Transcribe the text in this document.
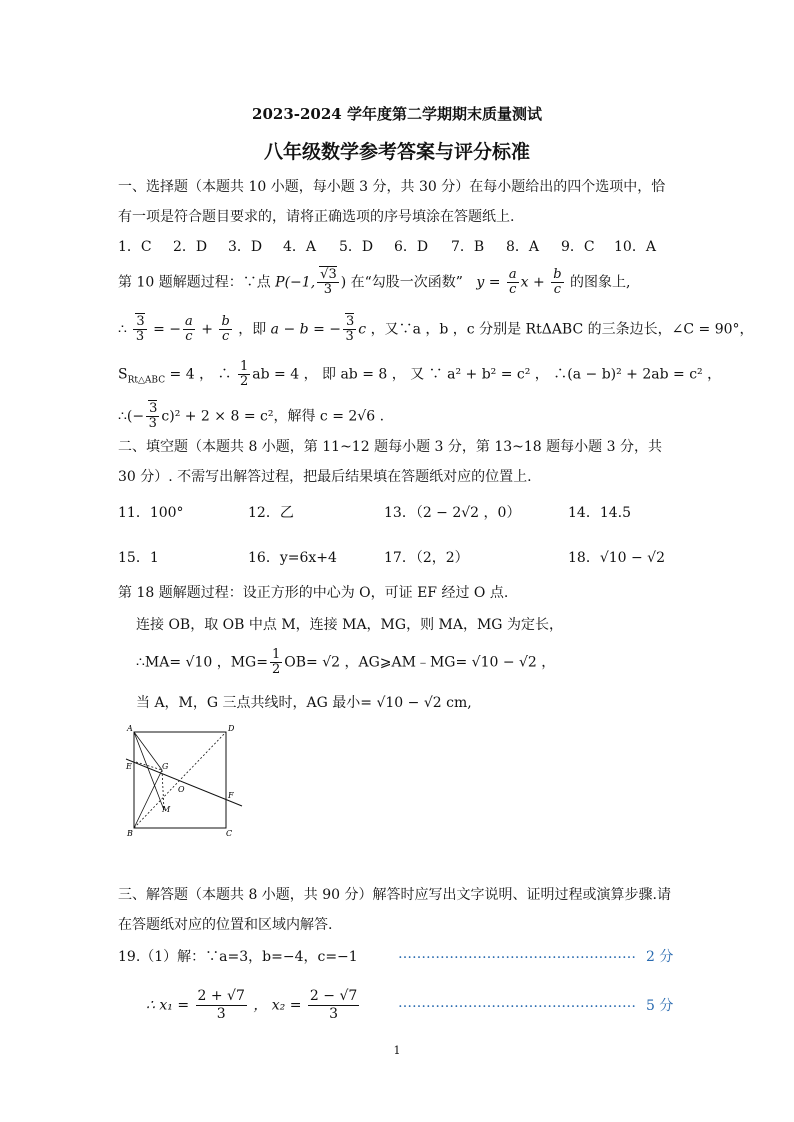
2023-2024 学年度第二学期期末质量测试
八年级数学参考答案与评分标准
一、选择题（本题共 10 小题，每小题 3 分，共 30 分）在每小题给出的四个选项中，恰有一项是符合题目要求的，请将正确选项的序号填涂在答题纸上.
1．C 2．D 3．D 4．A 5．D 6．D 7．B 8．A 9．C 10．A
第 10 题解题过程：∵点 P(−1, $\frac{√3}{3}$ ) 在“勾股一次函数” $y = \frac{a}{c}$ $x + \frac{b}{c}$ 的图象上,
∴ $\frac{3}{3}$ = − $\frac{a}{c} + \frac{b}{c}$ ，即 a − b = − $\frac{3}{3}$ c ，又∵a ，b ，c 分别是 RtΔABC 的三条边长，∠C = 90°，
$S_{Rt\triangle ABC} = 4$ ， ∴ $\frac{1}{2}$ ab = 4 ， 即 ab = 8 ， 又 ∵ a² + b² = c² ， ∴(a − b)² + 2ab = c² ，
∴(− $\frac{3}{3} c)^2 + 2 \times 8 = c^2$，解得 c = 2√6 .
二、填空题（本题共 8 小题，第 11~12 题每小题 3 分，第 13~18 题每小题 3 分，共 30 分）. 不需写出解答过程，把最后结果填在答题纸对应的位置上.
11．100°	12．乙	13．（2 − 2√2 ，0）	14．14.5
15．1	16．y=6x+4	17．（2，2）	18．√10 − √2
第 18 题解题过程：设正方形的中心为 O，可证 EF 经过 O 点.
连接 OB，取 OB 中点 M，连接 MA，MG，则 MA，MG 为定长，
∴MA= √10 ，$MG= \frac{1}{2} OB= √2$ ，AG⩾AM﹣MG= √10 − √2 ，
当 A，M，G 三点共线时，AG 最小= √10 − √2 cm,
A	D
E	G
O
F
M
B	C
三、解答题（本题共 8 小题，共 90 分）解答时应写出文字说明、证明过程或演算步骤.请在答题纸对应的位置和区域内解答.
19.（1）解：∵a=3，b=−4，c=−1	…………………………………………… 2 分
∴ $x_1 = \frac{2 + √7}{3}$ ， $x_2 = \frac{2 - √7}{3}$	…………………………………………… 5 分
1
